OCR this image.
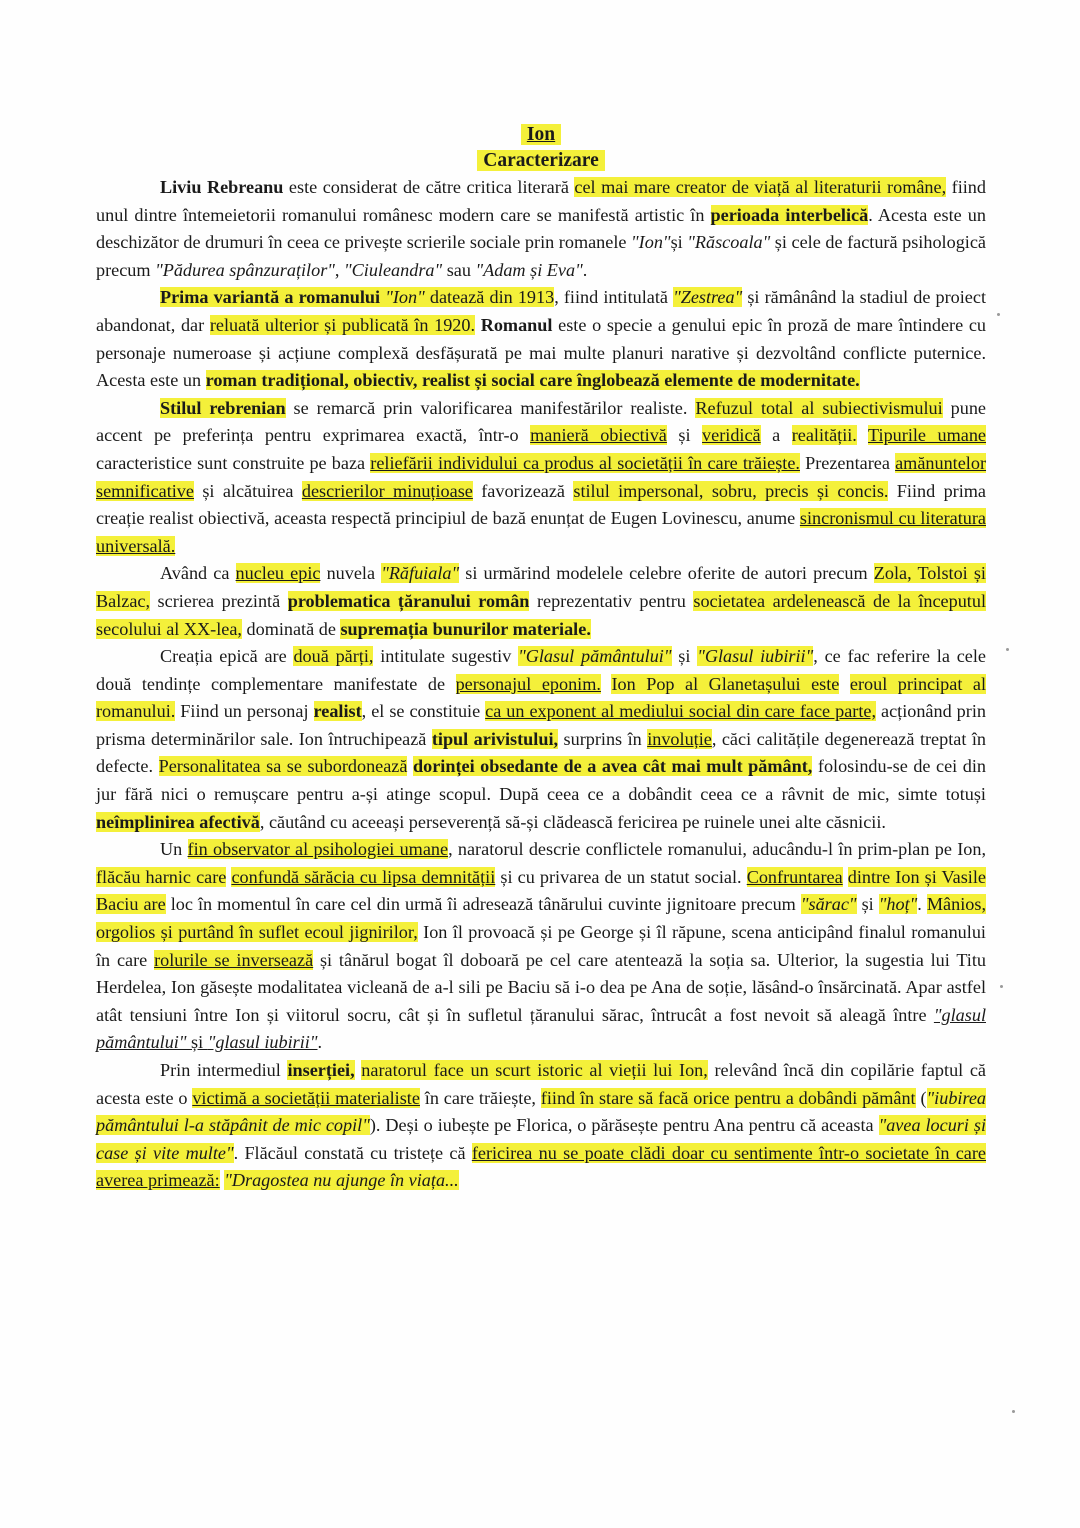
Ion
Caracterizare

Liviu Rebreanu este considerat de către critica literară cel mai mare creator de viață al literaturii române, fiind unul dintre întemeietorii romanului românesc modern care se manifestă artistic în perioada interbelică. Acesta este un deschizător de drumuri în ceea ce privește scrierile sociale prin romanele "Ion"și "Răscoala" și cele de factură psihologică precum "Pădurea spânzuraților", "Ciuleandra" sau "Adam și Eva".

Prima variantă a romanului "Ion" datează din 1913, fiind intitulată "Zestrea" și rămânând la stadiul de proiect abandonat, dar reluată ulterior și publicată în 1920. Romanul este o specie a genului epic în proză de mare întindere cu personaje numeroase și acțiune complexă desfășurată pe mai multe planuri narative și dezvoltând conflicte puternice. Acesta este un roman tradițional, obiectiv, realist și social care înglobează elemente de modernitate.

Stilul rebrenian se remarcă prin valorificarea manifestărilor realiste. Refuzul total al subiectivismului pune accent pe preferința pentru exprimarea exactă, într-o manieră obiectivă și veridică a realității. Tipurile umane caracteristice sunt construite pe baza reliefării individului ca produs al societății în care trăiește. Prezentarea amănuntelor semnificative și alcătuirea descrierilor minuțioase favorizează stilul impersonal, sobru, precis și concis. Fiind prima creație realist obiectivă, aceasta respectă principiul de bază enunțat de Eugen Lovinescu, anume sincronismul cu literatura universală.

Având ca nucleu epic nuvela "Răfuiala" si urmărind modelele celebre oferite de autori precum Zola, Tolstoi și Balzac, scrierea prezintă problematica țăranului român reprezentativ pentru societatea ardelenească de la începutul secolului al XX-lea, dominată de supremația bunurilor materiale.

Creația epică are două părți, intitulate sugestiv "Glasul pământului" și "Glasul iubirii", ce fac referire la cele două tendințe complementare manifestate de personajul eponim. Ion Pop al Glanetașului este eroul principat al romanului. Fiind un personaj realist, el se constituie ca un exponent al mediului social din care face parte, acționând prin prisma determinărilor sale. Ion întruchipează tipul arivistului, surprins în involuție, căci calitățile degenerează treptat în defecte. Personalitatea sa se subordonează dorinței obsedante de a avea cât mai mult pământ, folosindu-se de cei din jur fără nici o remușcare pentru a-și atinge scopul. După ceea ce a dobândit ceea ce a râvnit de mic, simte totuși neîmplinirea afectivă, căutând cu aceeași perseverență să-și clădească fericirea pe ruinele unei alte căsnicii.

Un fin observator al psihologiei umane, naratorul descrie conflictele romanului, aducându-l în prim-plan pe Ion, flăcău harnic care confundă sărăcia cu lipsa demnității și cu privarea de un statut social. Confruntarea dintre Ion și Vasile Baciu are loc în momentul în care cel din urmă îi adresează tânărului cuvinte jignitoare precum "sărac" și "hoț". Mânios, orgolios și purtând în suflet ecoul jignirilor, Ion îl provoacă și pe George și îl răpune, scena anticipând finalul romanului în care rolurile se inversează și tânărul bogat îl doboară pe cel care atentează la soția sa. Ulterior, la sugestia lui Titu Herdelea, Ion găsește modalitatea vicleană de a-l sili pe Baciu să i-o dea pe Ana de soție, lăsând-o însărcinată. Apar astfel atât tensiuni între Ion și viitorul socru, cât și în sufletul țăranului sărac, întrucât a fost nevoit să aleagă între "glasul pământului" și "glasul iubirii".

Prin intermediul inserției, naratorul face un scurt istoric al vieții lui Ion, relevând încă din copilărie faptul că acesta este o victimă a societății materialiste în care trăiește, fiind în stare să facă orice pentru a dobândi pământ ("iubirea pământului l-a stăpânit de mic copil"). Deși o iubește pe Florica, o părăsește pentru Ana pentru că aceasta "avea locuri și case și vite multe". Flăcăul constată cu tristețe că fericirea nu se poate clădi doar cu sentimente într-o societate în care averea primează: "Dragostea nu ajunge în viața...
